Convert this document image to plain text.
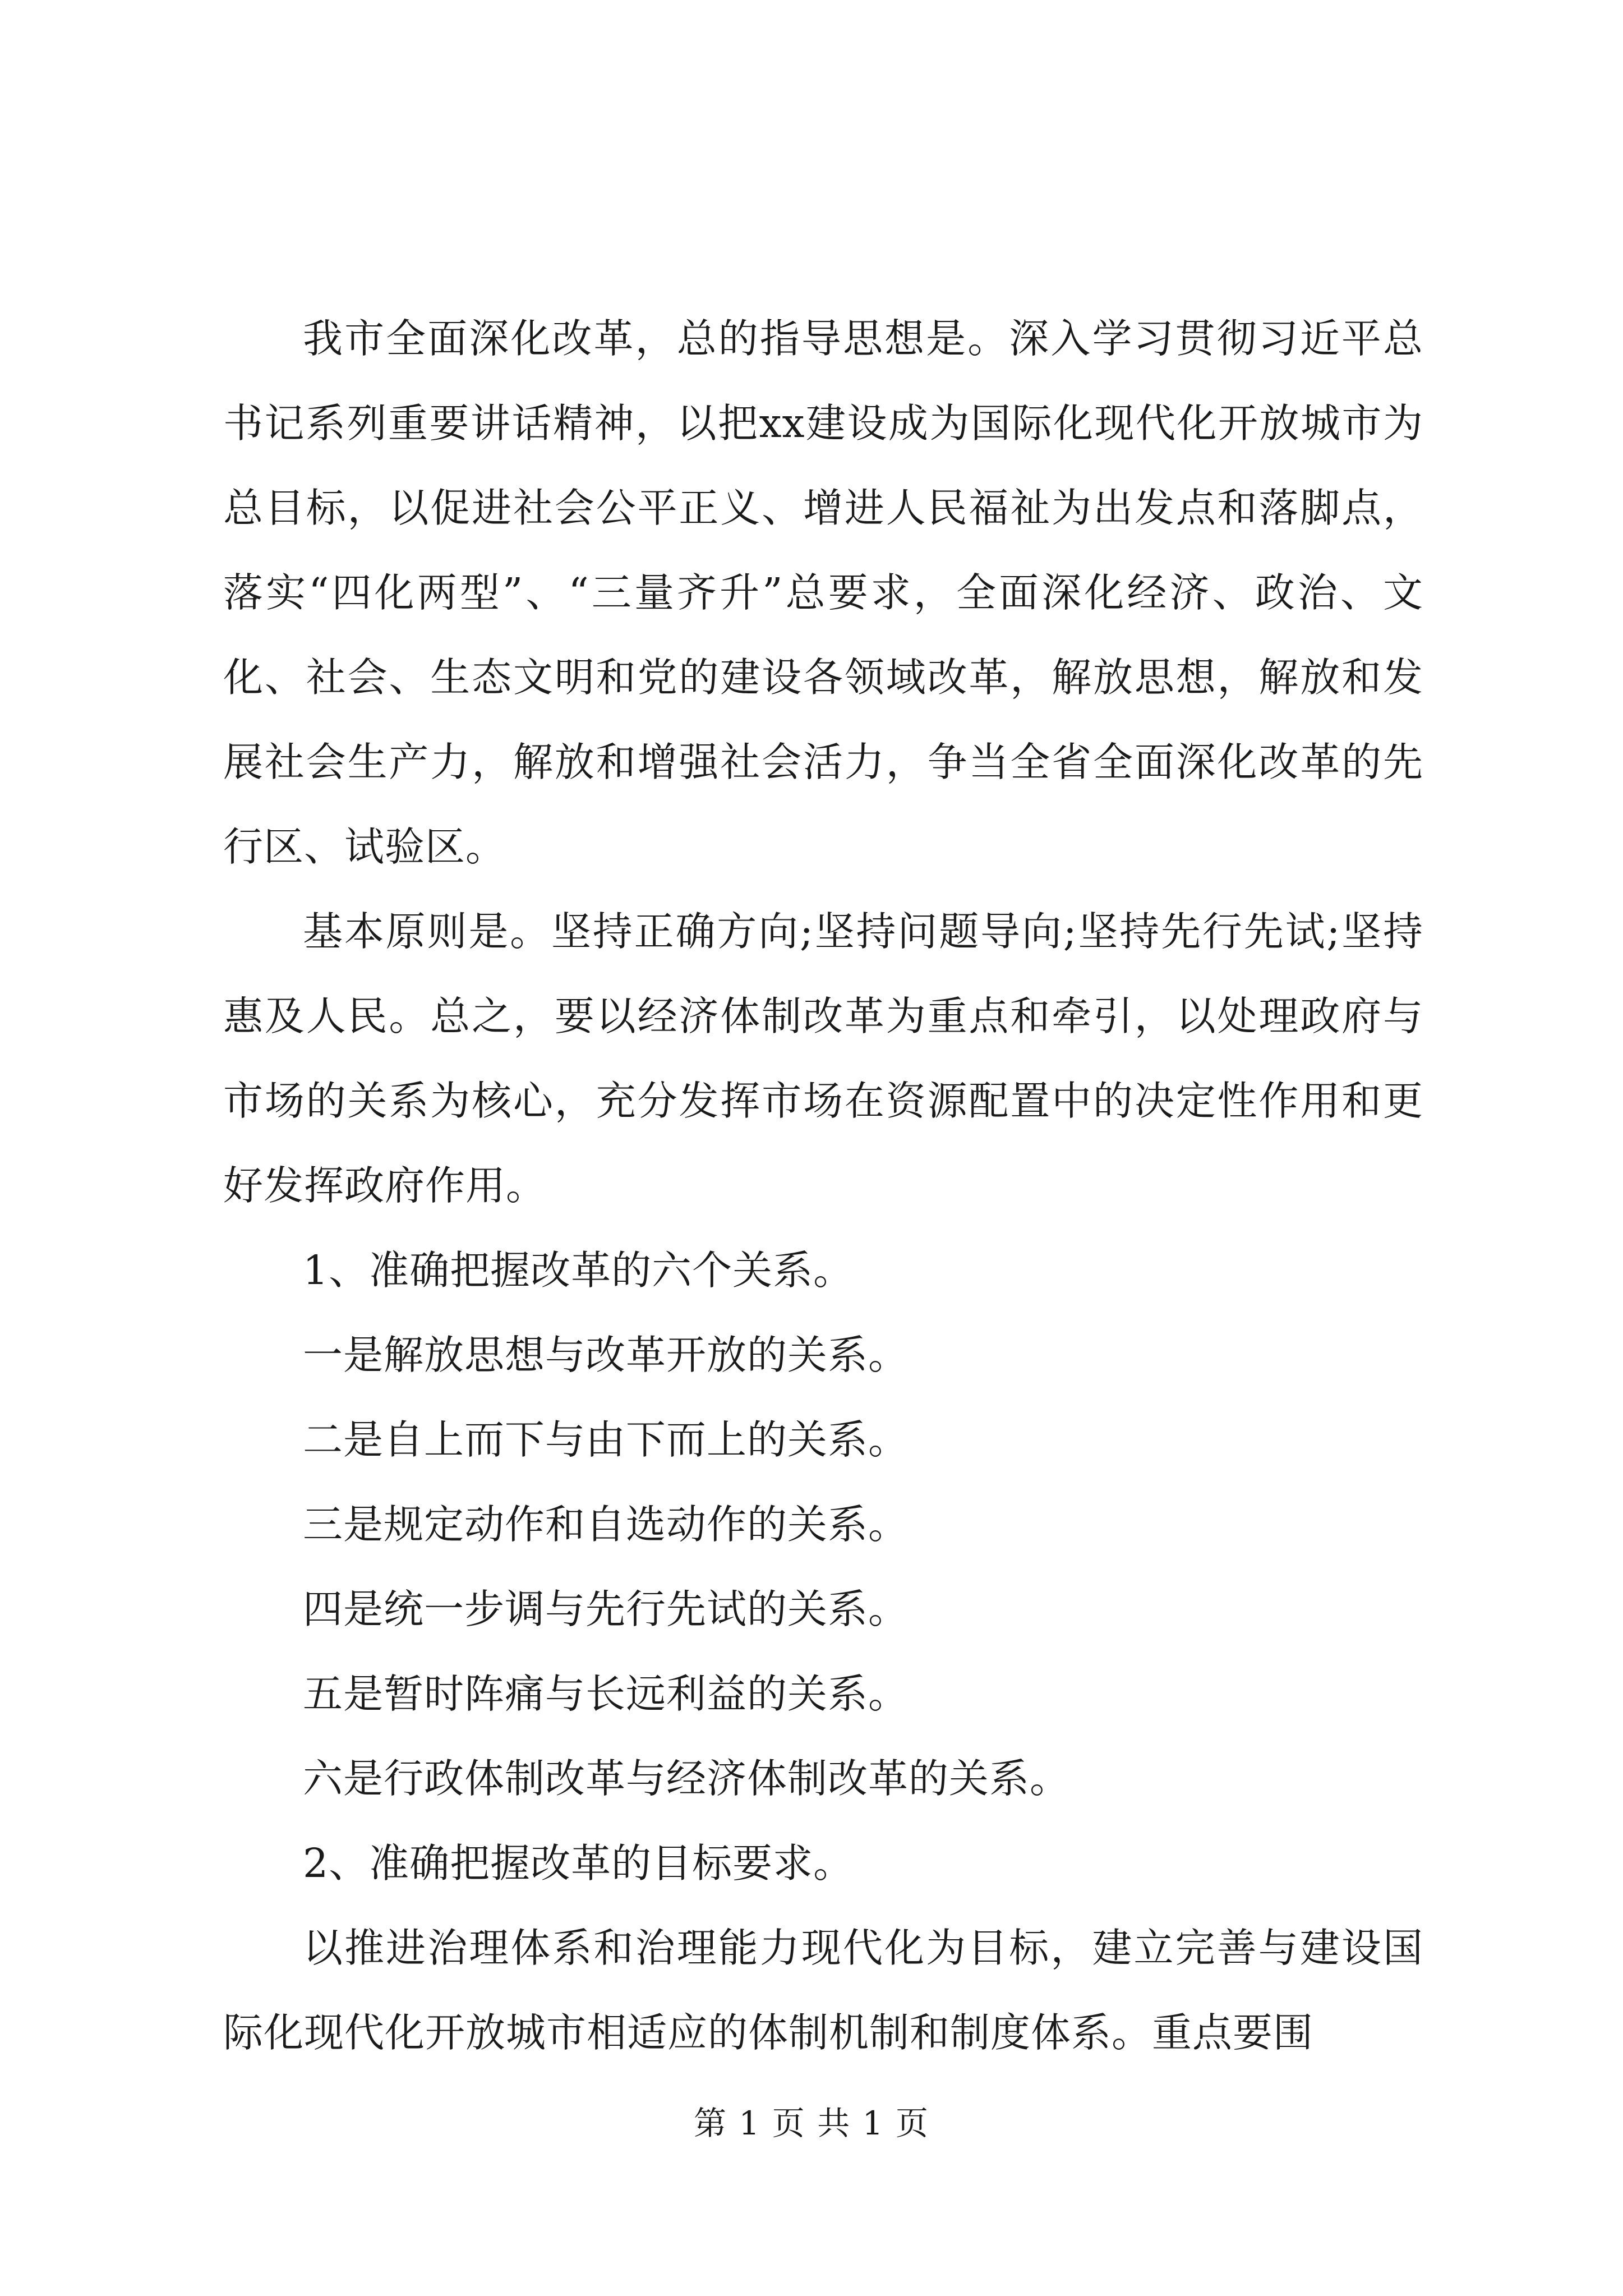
我市全面深化改革，总的指导思想是。深入学习贯彻习近平总书记系列重要讲话精神，以把xx建设成为国际化现代化开放城市为总目标，以促进社会公平正义、增进人民福祉为出发点和落脚点，落实“四化两型”、“三量齐升”总要求，全面深化经济、政治、文化、社会、生态文明和党的建设各领域改革，解放思想，解放和发展社会生产力，解放和增强社会活力，争当全省全面深化改革的先行区、试验区。

基本原则是。坚持正确方向;坚持问题导向;坚持先行先试;坚持惠及人民。总之，要以经济体制改革为重点和牵引，以处理政府与市场的关系为核心，充分发挥市场在资源配置中的决定性作用和更好发挥政府作用。

1、准确把握改革的六个关系。

一是解放思想与改革开放的关系。

二是自上而下与由下而上的关系。

三是规定动作和自选动作的关系。

四是统一步调与先行先试的关系。

五是暂时阵痛与长远利益的关系。

六是行政体制改革与经济体制改革的关系。

2、准确把握改革的目标要求。

以推进治理体系和治理能力现代化为目标，建立完善与建设国际化现代化开放城市相适应的体制机制和制度体系。重点要围

第 1 页 共 1 页
